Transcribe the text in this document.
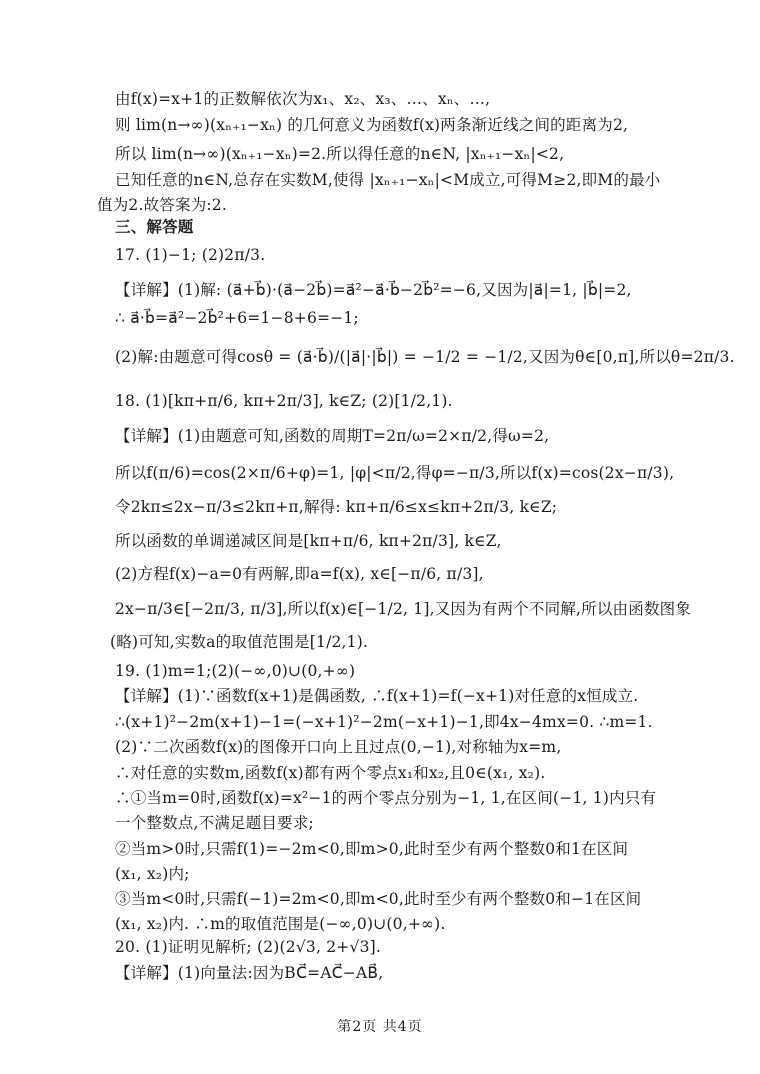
由f(x)=x+1的正数解依次为x₁、x₂、x₃、…、xₙ、…,
则 lim(n→∞)(xₙ₊₁−xₙ) 的几何意义为函数f(x)两条渐近线之间的距离为2,
所以 lim(n→∞)(xₙ₊₁−xₙ)=2.所以得任意的n∈N, |xₙ₊₁−xₙ|<2,
已知任意的n∈N,总存在实数M,使得 |xₙ₊₁−xₙ|<M成立,可得M≥2,即M的最小
值为2.故答案为:2.
三、解答题
17. (1)−1; (2)2π/3.
【详解】(1)解: (a⃗+b⃗)·(a⃗−2b⃗)=a⃗²−a⃗·b⃗−2b⃗²=−6,又因为|a⃗|=1, |b⃗|=2,
∴ a⃗·b⃗=a⃗²−2b⃗²+6=1−8+6=−1;
(2)解:由题意可得cosθ = (a⃗·b⃗)/(|a⃗|·|b⃗|) = −1/2 = −1/2,又因为θ∈[0,π],所以θ=2π/3.
18. (1)[kπ+π/6, kπ+2π/3], k∈Z; (2)[1/2,1).
【详解】(1)由题意可知,函数的周期T=2π/ω=2×π/2,得ω=2,
所以f(π/6)=cos(2×π/6+φ)=1, |φ|<π/2,得φ=−π/3,所以f(x)=cos(2x−π/3),
令2kπ≤2x−π/3≤2kπ+π,解得: kπ+π/6≤x≤kπ+2π/3, k∈Z;
所以函数的单调递减区间是[kπ+π/6, kπ+2π/3], k∈Z,
(2)方程f(x)−a=0有两解,即a=f(x), x∈[−π/6, π/3],
2x−π/3∈[−2π/3, π/3],所以f(x)∈[−1/2, 1],又因为有两个不同解,所以由函数图象
(略)可知,实数a的取值范围是[1/2,1).
19. (1)m=1;(2)(−∞,0)∪(0,+∞)
【详解】(1)∵函数f(x+1)是偶函数, ∴f(x+1)=f(−x+1)对任意的x恒成立.
∴(x+1)²−2m(x+1)−1=(−x+1)²−2m(−x+1)−1,即4x−4mx=0. ∴m=1.
(2)∵二次函数f(x)的图像开口向上且过点(0,−1),对称轴为x=m,
∴对任意的实数m,函数f(x)都有两个零点x₁和x₂,且0∈(x₁, x₂).
∴①当m=0时,函数f(x)=x²−1的两个零点分别为−1, 1,在区间(−1, 1)内只有
一个整数点,不满足题目要求;
②当m>0时,只需f(1)=−2m<0,即m>0,此时至少有两个整数0和1在区间
(x₁, x₂)内;
③当m<0时,只需f(−1)=2m<0,即m<0,此时至少有两个整数0和−1在区间
(x₁, x₂)内. ∴m的取值范围是(−∞,0)∪(0,+∞).
20. (1)证明见解析; (2)(2√3, 2+√3].
【详解】(1)向量法:因为BC⃗=AC⃗−AB⃗,
第2页 共4页
